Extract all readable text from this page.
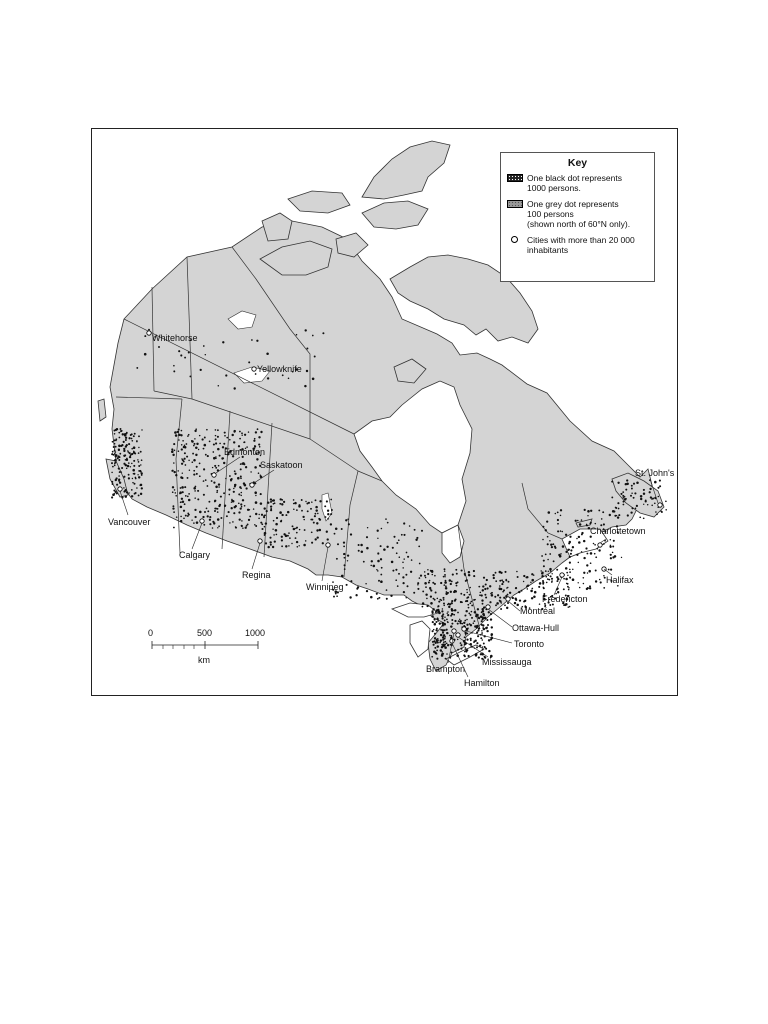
Whitehorse
Yellowknife
Edmonton
Saskatoon
Vancouver
Calgary
Regina
Winnipeg
St. John's
Charlottetown
Halifax
Fredericton
Montréal
Ottawa-Hull
Toronto
Mississauga
Brampton
Hamilton
0	500	1000
km
Key
One black dot represents
1000 persons.
One grey dot represents
100 persons
(shown north of 60°N only).
Cities with more than 20 000
inhabitants
